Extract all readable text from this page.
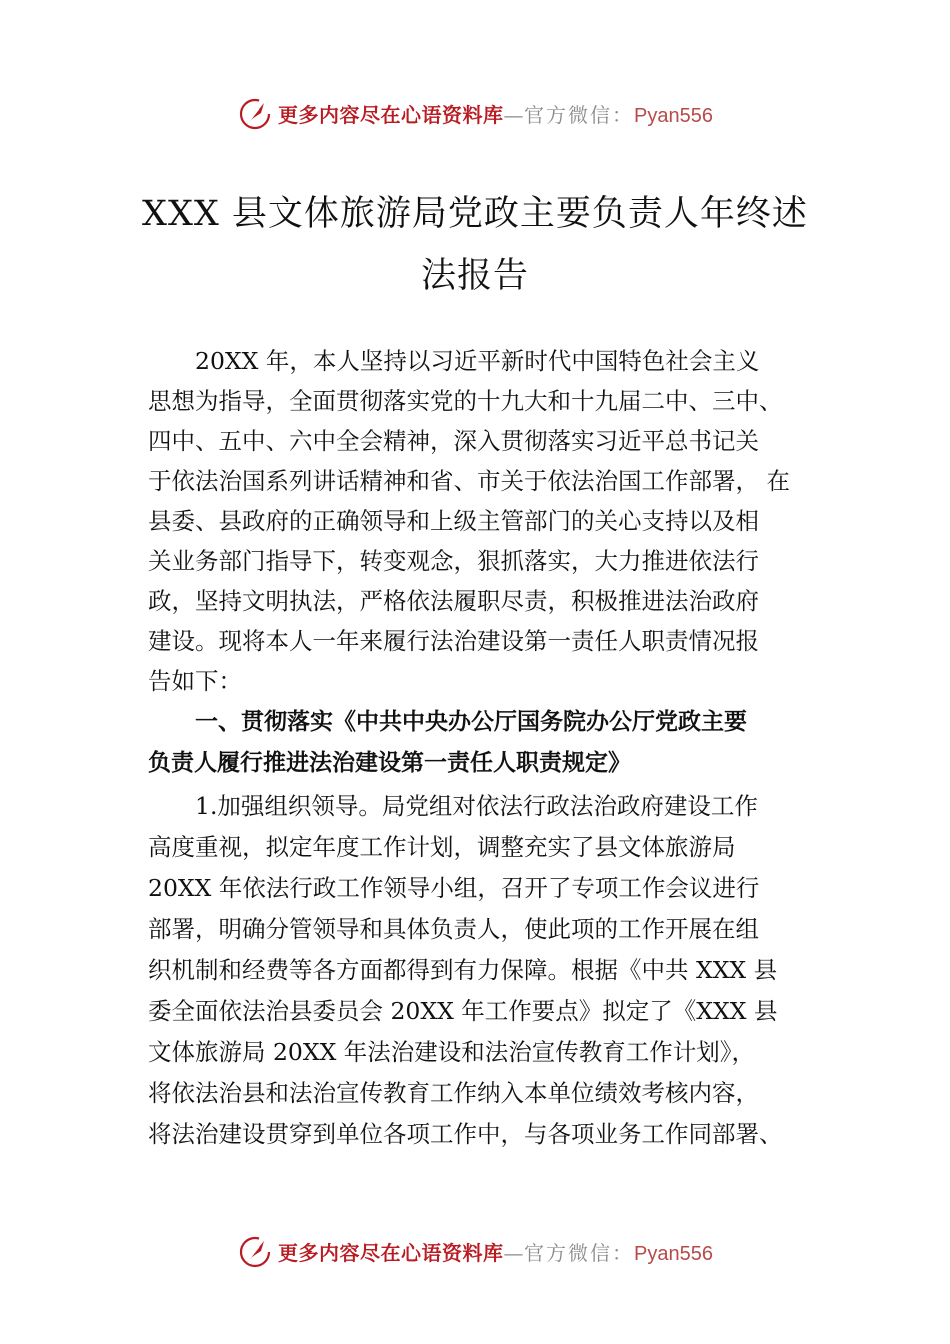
更多内容尽在心语资料库—官方微信：Pyan556
XXX 县文体旅游局党政主要负责人年终述
法报告
20XX 年，本人坚持以习近平新时代中国特色社会主义
思想为指导，全面贯彻落实党的十九大和十九届二中、三中、
四中、五中、六中全会精神，深入贯彻落实习近平总书记关
于依法治国系列讲话精神和省、市关于依法治国工作部署， 在
县委、县政府的正确领导和上级主管部门的关心支持以及相
关业务部门指导下，转变观念，狠抓落实，大力推进依法行
政，坚持文明执法，严格依法履职尽责，积极推进法治政府
建设。现将本人一年来履行法治建设第一责任人职责情况报
告如下：
一、贯彻落实《中共中央办公厅国务院办公厅党政主要
负责人履行推进法治建设第一责任人职责规定》
1.加强组织领导。局党组对依法行政法治政府建设工作
高度重视，拟定年度工作计划，调整充实了县文体旅游局
20XX 年依法行政工作领导小组，召开了专项工作会议进行
部署，明确分管领导和具体负责人，使此项的工作开展在组
织机制和经费等各方面都得到有力保障。根据《中共 XXX 县
委全面依法治县委员会 20XX 年工作要点》拟定了《XXX 县
文体旅游局 20XX 年法治建设和法治宣传教育工作计划》，
将依法治县和法治宣传教育工作纳入本单位绩效考核内容，
将法治建设贯穿到单位各项工作中，与各项业务工作同部署、
更多内容尽在心语资料库—官方微信：Pyan556
